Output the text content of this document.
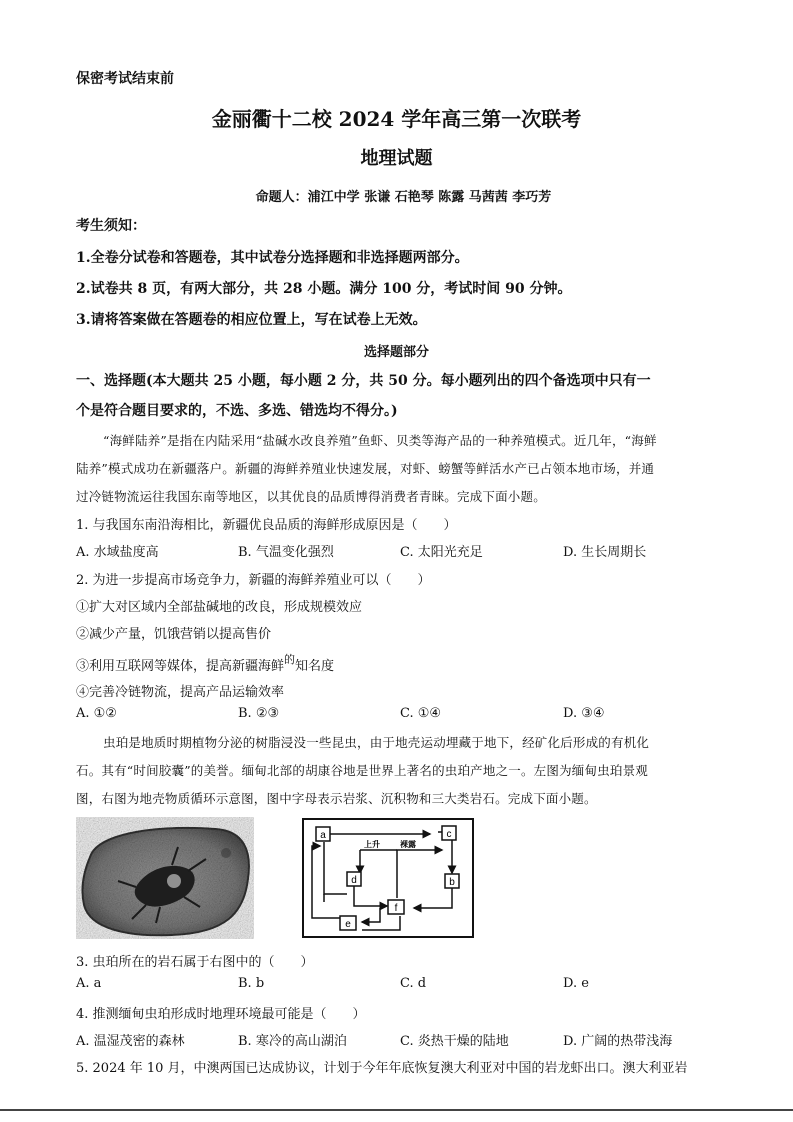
保密考试结束前
金丽衢十二校 2024 学年高三第一次联考
地理试题
命题人：浦江中学 张谦 石艳琴 陈露 马茜茜 李巧芳
考生须知：
1.全卷分试卷和答题卷，其中试卷分选择题和非选择题两部分。
2.试卷共 8 页，有两大部分，共 28 小题。满分 100 分，考试时间 90 分钟。
3.请将答案做在答题卷的相应位置上，写在试卷上无效。
选择题部分
一、选择题(本大题共 25 小题，每小题 2 分，共 50 分。每小题列出的四个备选项中只有一
个是符合题目要求的，不选、多选、错选均不得分。)
“海鲜陆养”是指在内陆采用“盐碱水改良养殖”鱼虾、贝类等海产品的一种养殖模式。近几年，“海鲜
陆养”模式成功在新疆落户。新疆的海鲜养殖业快速发展，对虾、螃蟹等鲜活水产已占领本地市场，并通
过冷链物流运往我国东南等地区，以其优良的品质博得消费者青睐。完成下面小题。
1. 与我国东南沿海相比，新疆优良品质的海鲜形成原因是（　　）
A. 水域盐度高	B. 气温变化强烈	C. 太阳光充足	D. 生长周期长
2. 为进一步提高市场竞争力，新疆的海鲜养殖业可以（　　）
①扩大对区域内全部盐碱地的改良，形成规模效应
②减少产量，饥饿营销以提高售价
③利用互联网等媒体，提高新疆海鲜$^的$知名度
④完善冷链物流，提高产品运输效率
A. ①②	B. ②③	C. ①④	D. ③④
虫珀是地质时期植物分泌的树脂浸没一些昆虫，由于地壳运动埋藏于地下，经矿化后形成的有机化
石。其有“时间胶囊”的美誉。缅甸北部的胡康谷地是世界上著名的虫珀产地之一。左图为缅甸虫珀景观
图，右图为地壳物质循环示意图，图中字母表示岩浆、沉积物和三大类岩石。完成下面小题。
a
b
c
d
e
f
上升	裸露
3. 虫珀所在的岩石属于右图中的（　　）
A. a	B. b	C. d	D. e
4. 推测缅甸虫珀形成时地理环境最可能是（　　）
A. 温湿茂密的森林	B. 寒冷的高山湖泊	C. 炎热干燥的陆地	D. 广阔的热带浅海
5. 2024 年 10 月，中澳两国已达成协议，计划于今年年底恢复澳大利亚对中国的岩龙虾出口。澳大利亚岩
